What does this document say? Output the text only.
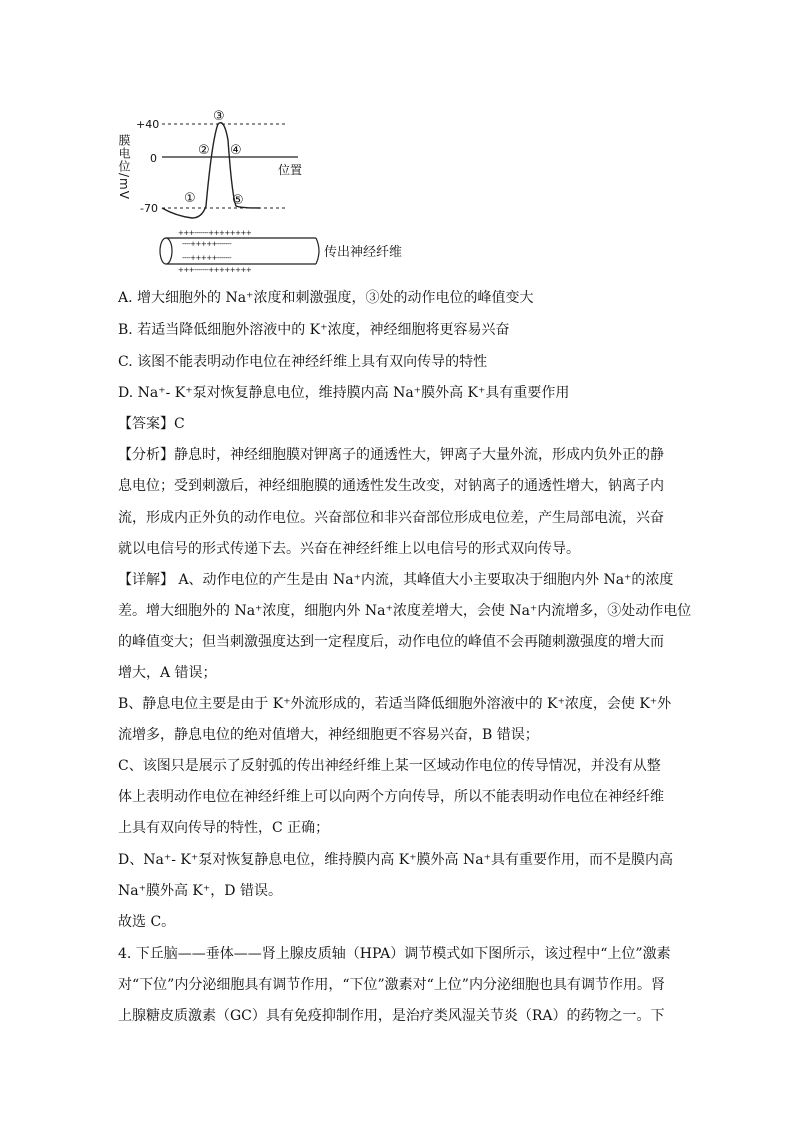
膜电位/mV
+40
0
-70
位置
①
②
③
④
⑤
+++-------++++++++
----+++++-------
----+++++-------
+++-------++++++++
传出神经纤维
A. 增大细胞外的 Na⁺浓度和刺激强度，③处的动作电位的峰值变大
B. 若适当降低细胞外溶液中的 K⁺浓度，神经细胞将更容易兴奋
C. 该图不能表明动作电位在神经纤维上具有双向传导的特性
D. Na⁺- K⁺泵对恢复静息电位，维持膜内高 Na⁺膜外高 K⁺具有重要作用
【答案】C
【分析】静息时，神经细胞膜对钾离子的通透性大，钾离子大量外流，形成内负外正的静
息电位；受到刺激后，神经细胞膜的通透性发生改变，对钠离子的通透性增大，钠离子内
流，形成内正外负的动作电位。兴奋部位和非兴奋部位形成电位差，产生局部电流，兴奋
就以电信号的形式传递下去。兴奋在神经纤维上以电信号的形式双向传导。
【详解】 A、动作电位的产生是由 Na⁺内流，其峰值大小主要取决于细胞内外 Na⁺的浓度
差。增大细胞外的 Na⁺浓度，细胞内外 Na⁺浓度差增大，会使 Na⁺内流增多，③处动作电位
的峰值变大；但当刺激强度达到一定程度后，动作电位的峰值不会再随刺激强度的增大而
增大，A 错误；
B、静息电位主要是由于 K⁺外流形成的，若适当降低细胞外溶液中的 K⁺浓度，会使 K⁺外
流增多，静息电位的绝对值增大，神经细胞更不容易兴奋，B 错误；
C、该图只是展示了反射弧的传出神经纤维上某一区域动作电位的传导情况，并没有从整
体上表明动作电位在神经纤维上可以向两个方向传导，所以不能表明动作电位在神经纤维
上具有双向传导的特性，C 正确；
D、Na⁺- K⁺泵对恢复静息电位，维持膜内高 K⁺膜外高 Na⁺具有重要作用，而不是膜内高
Na⁺膜外高 K⁺，D 错误。
故选 C。
4. 下丘脑——垂体——肾上腺皮质轴（HPA）调节模式如下图所示，该过程中“上位”激素
对“下位”内分泌细胞具有调节作用，“下位”激素对“上位”内分泌细胞也具有调节作用。肾
上腺糖皮质激素（GC）具有免疫抑制作用，是治疗类风湿关节炎（RA）的药物之一。下
